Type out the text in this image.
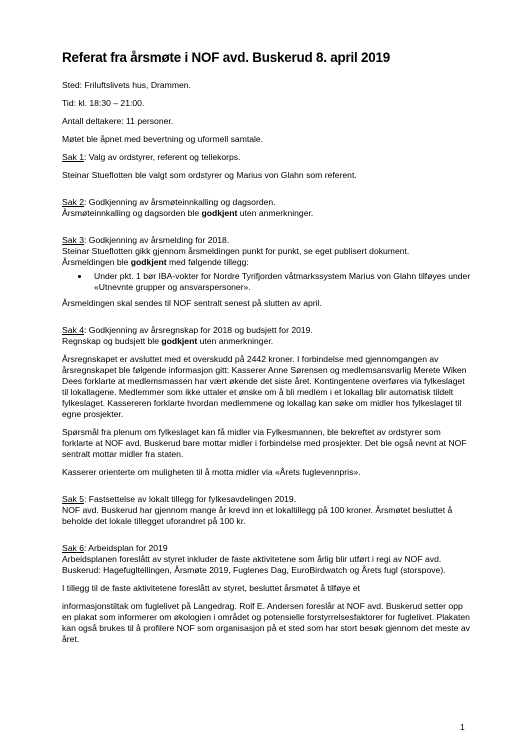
Referat fra årsmøte i NOF avd. Buskerud 8. april 2019

Sted: Friluftslivets hus, Drammen.

Tid: kl. 18:30 – 21:00.

Antall deltakere: 11 personer.

Møtet ble åpnet med bevertning og uformell samtale.

Sak 1: Valg av ordstyrer, referent og tellekorps.

Steinar Stueflotten ble valgt som ordstyrer og Marius von Glahn som referent.

Sak 2: Godkjenning av årsmøteinnkalling og dagsorden.

Årsmøteinnkalling og dagsorden ble godkjent uten anmerkninger.

Sak 3: Godkjenning av årsmelding for 2018.

Steinar Stueflotten gikk gjennom årsmeldingen punkt for punkt, se eget publisert dokument.

Årsmeldingen ble godkjent med følgende tillegg:

• Under pkt. 1 bør IBA-vokter for Nordre Tyrifjorden våtmarkssystem Marius von Glahn tilføyes under «Utnevnte grupper og ansvarspersoner».

Årsmeldingen skal sendes til NOF sentralt senest på slutten av april.

Sak 4: Godkjenning av årsregnskap for 2018 og budsjett for 2019.

Regnskap og budsjett ble godkjent uten anmerkninger.

Årsregnskapet er avsluttet med et overskudd på 2442 kroner. I forbindelse med gjennomgangen av årsregnskapet ble følgende informasjon gitt: Kasserer Anne Sørensen og medlemsansvarlig Merete Wiken Dees forklarte at medlemsmassen har vært økende det siste året. Kontingentene overføres via fylkeslaget til lokallagene. Medlemmer som ikke uttaler et ønske om å bli medlem i et lokallag blir automatisk tildelt fylkeslaget. Kassereren forklarte hvordan medlemmene og lokallag kan søke om midler hos fylkeslaget til egne prosjekter.

Spørsmål fra plenum om fylkeslaget kan få midler via Fylkesmannen, ble bekreftet av ordstyrer som forklarte at NOF avd. Buskerud bare mottar midler i forbindelse med prosjekter. Det ble også nevnt at NOF sentralt mottar midler fra staten.

Kasserer orienterte om muligheten til å motta midler via «Årets fuglevennpris».

Sak 5: Fastsettelse av lokalt tillegg for fylkesavdelingen 2019.

NOF avd. Buskerud har gjennom mange år krevd inn et lokaltillegg på 100 kroner. Årsmøtet besluttet å beholde det lokale tillegget uforandret på 100 kr.

Sak 6: Arbeidsplan for 2019

Arbeidsplanen foreslått av styret inkluder de faste aktivitetene som årlig blir utført i regi av NOF avd. Buskerud: Hagefugltellingen, Årsmøte 2019, Fuglenes Dag, EuroBirdwatch og Årets fugl (storspove).

I tillegg til de faste aktivitetene foreslått av styret, besluttet årsmøtet å tilføye et

informasjonstiltak om fuglelivet på Langedrag. Rolf E. Andersen foreslår at NOF avd. Buskerud setter opp en plakat som informerer om økologien i området og potensielle forstyrrelsesfaktorer for fuglelivet. Plakaten kan også brukes til å profilere NOF som organisasjon på et sted som har stort besøk gjennom det meste av året.

1
